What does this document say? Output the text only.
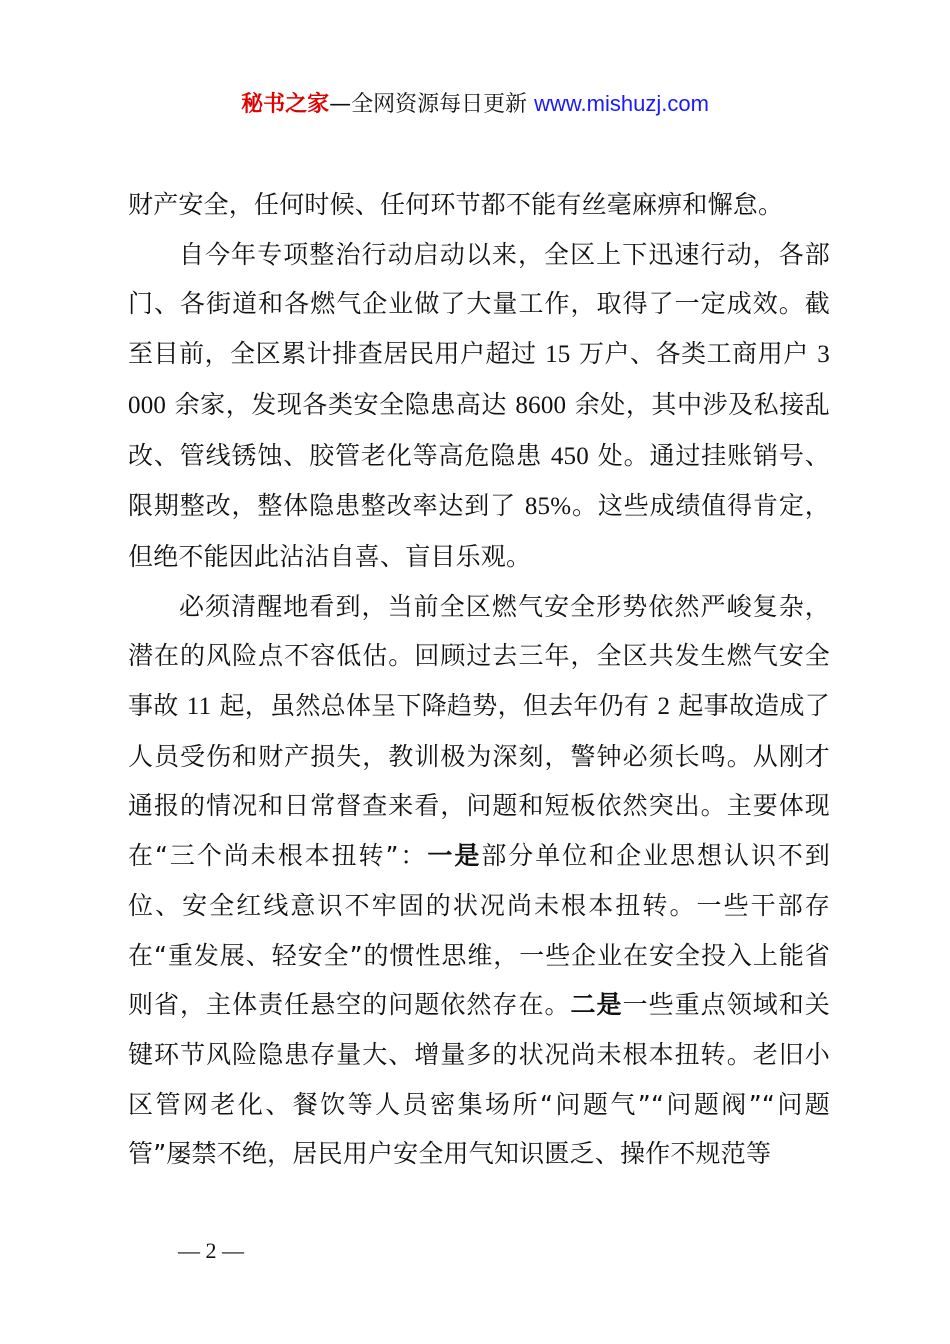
秘书之家—全网资源每日更新 www.mishuzj.com

财产安全，任何时候、任何环节都不能有丝毫麻痹和懈怠。

自今年专项整治行动启动以来，全区上下迅速行动，各部门、各街道和各燃气企业做了大量工作，取得了一定成效。截至目前，全区累计排查居民用户超过 15 万户、各类工商用户 3000 余家，发现各类安全隐患高达 8600 余处，其中涉及私接乱改、管线锈蚀、胶管老化等高危隐患 450 处。通过挂账销号、限期整改，整体隐患整改率达到了 85%。这些成绩值得肯定，但绝不能因此沾沾自喜、盲目乐观。

必须清醒地看到，当前全区燃气安全形势依然严峻复杂，潜在的风险点不容低估。回顾过去三年，全区共发生燃气安全事故 11 起，虽然总体呈下降趋势，但去年仍有 2 起事故造成了人员受伤和财产损失，教训极为深刻，警钟必须长鸣。从刚才通报的情况和日常督查来看，问题和短板依然突出。主要体现在“三个尚未根本扭转”：一是部分单位和企业思想认识不到位、安全红线意识不牢固的状况尚未根本扭转。一些干部存在“重发展、轻安全”的惯性思维，一些企业在安全投入上能省则省，主体责任悬空的问题依然存在。二是一些重点领域和关键环节风险隐患存量大、增量多的状况尚未根本扭转。老旧小区管网老化、餐饮等人员密集场所“问题气”“问题阀”“问题管”屡禁不绝，居民用户安全用气知识匮乏、操作不规范等

— 2 —
